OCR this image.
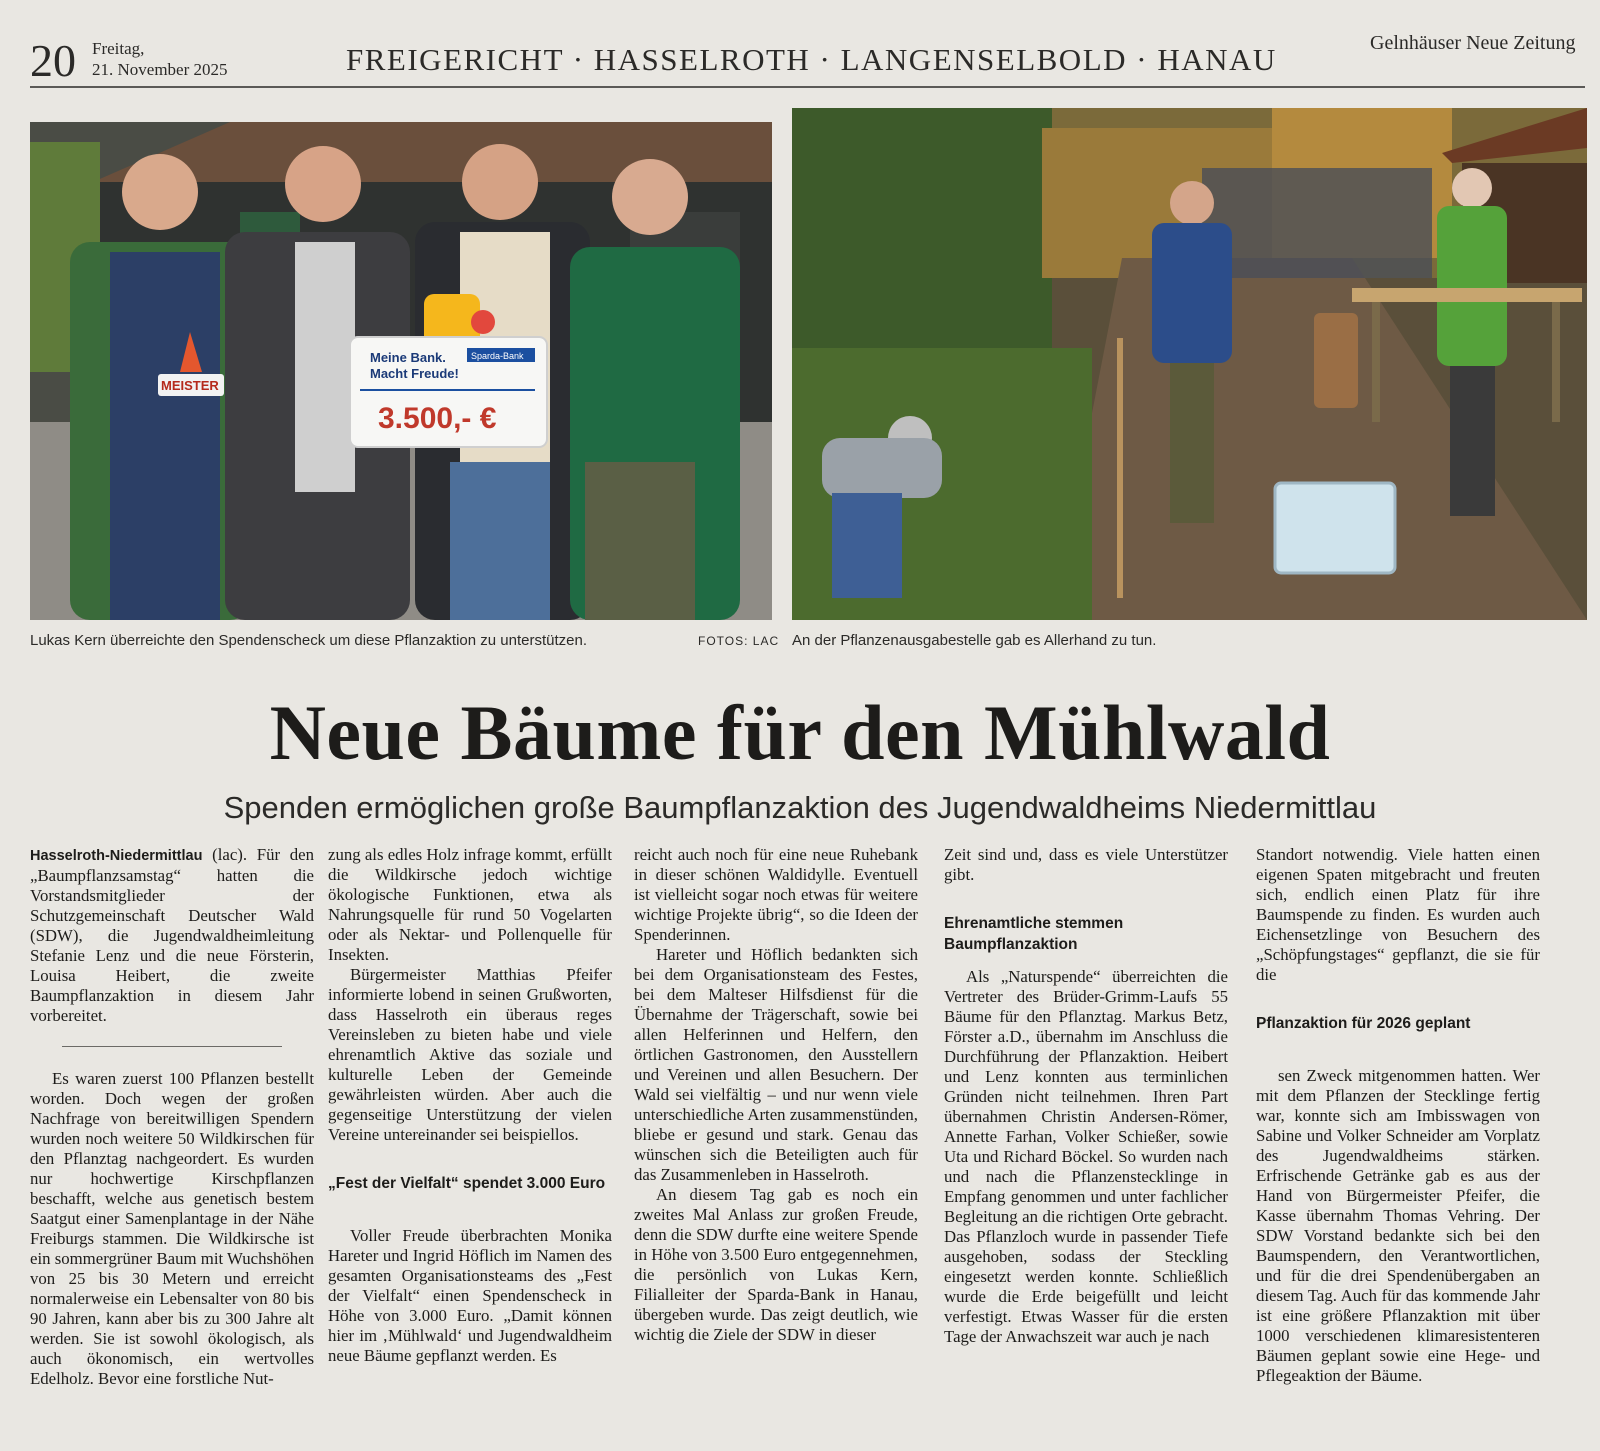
20 Freitag,
21. November 2025	FREIGERICHT · HASSELROTH · LANGENSELBOLD · HANAU	Gelnhäuser Neue Zeitung
Meine Bank.
Macht Freude!
Sparda-Bank
3.500,- €
MEISTER
Lukas Kern überreichte den Spendenscheck um diese Pflanzaktion zu unterstützen.	FOTOS: LAC An der Pflanzenausgabestelle gab es Allerhand zu tun.
Neue Bäume für den Mühlwald
Spenden ermöglichen große Baumpflanzaktion des Jugendwaldheims Niedermittlau

Hasselroth-Niedermittlau (lac). Für den „Baumpflanzsamstag“ hatten die Vorstandsmitglieder der Schutzgemeinschaft Deutscher Wald (SDW), die Jugendwaldheimleitung Stefanie Lenz und die neue Försterin, Louisa Heibert, die zweite Baumpflanzaktion in diesem Jahr vorbereitet.

Es waren zuerst 100 Pflanzen bestellt worden. Doch wegen der großen Nachfrage von bereitwilligen Spendern wurden noch weitere 50 Wildkirschen für den Pflanztag nachgeordert. Es wurden nur hochwertige Kirschpflanzen beschafft, welche aus genetisch bestem Saatgut einer Samenplantage in der Nähe Freiburgs stammen. Die Wildkirsche ist ein sommergrüner Baum mit Wuchshöhen von 25 bis 30 Metern und erreicht normalerweise ein Lebensalter von 80 bis 90 Jahren, kann aber bis zu 300 Jahre alt werden. Sie ist sowohl ökologisch, als auch ökonomisch, ein wertvolles Edelholz. Bevor eine forstliche Nut-

zung als edles Holz infrage kommt, erfüllt die Wildkirsche jedoch wichtige ökologische Funktionen, etwa als Nahrungsquelle für rund 50 Vogelarten oder als Nektar- und Pollenquelle für Insekten.

Bürgermeister Matthias Pfeifer informierte lobend in seinen Grußworten, dass Hasselroth ein überaus reges Vereinsleben zu bieten habe und viele ehrenamtlich Aktive das soziale und kulturelle Leben der Gemeinde gewährleisten würden. Aber auch die gegenseitige Unterstützung der vielen Vereine untereinander sei beispiellos.

„Fest der Vielfalt“ spendet 3.000 Euro

Voller Freude überbrachten Monika Hareter und Ingrid Höflich im Namen des gesamten Organisationsteams des „Fest der Vielfalt“ einen Spendenscheck in Höhe von 3.000 Euro. „Damit können hier im ‚Mühlwald‘ und Jugendwaldheim neue Bäume gepflanzt werden. Es

reicht auch noch für eine neue Ruhebank in dieser schönen Waldidylle. Eventuell ist vielleicht sogar noch etwas für weitere wichtige Projekte übrig“, so die Ideen der Spenderinnen.

Hareter und Höflich bedankten sich bei dem Organisationsteam des Festes, bei dem Malteser Hilfsdienst für die Übernahme der Trägerschaft, sowie bei allen Helferinnen und Helfern, den örtlichen Gastronomen, den Ausstellern und Vereinen und allen Besuchern. Der Wald sei vielfältig – und nur wenn viele unterschiedliche Arten zusammenstünden, bliebe er gesund und stark. Genau das wünschen sich die Beteiligten auch für das Zusammenleben in Hasselroth.

An diesem Tag gab es noch ein zweites Mal Anlass zur großen Freude, denn die SDW durfte eine weitere Spende in Höhe von 3.500 Euro entgegennehmen, die persönlich von Lukas Kern, Filialleiter der Sparda-Bank in Hanau, übergeben wurde. Das zeigt deutlich, wie wichtig die Ziele der SDW in dieser

Zeit sind und, dass es viele Unterstützer gibt.

Ehrenamtliche stemmen Baumpflanzaktion

Als „Naturspende“ überreichten die Vertreter des Brüder-Grimm-Laufs 55 Bäume für den Pflanztag. Markus Betz, Förster a.D., übernahm im Anschluss die Durchführung der Pflanzaktion. Heibert und Lenz konnten aus terminlichen Gründen nicht teilnehmen. Ihren Part übernahmen Christin Andersen-Römer, Annette Farhan, Volker Schießer, sowie Uta und Richard Böckel. So wurden nach und nach die Pflanzenstecklinge in Empfang genommen und unter fachlicher Begleitung an die richtigen Orte gebracht. Das Pflanzloch wurde in passender Tiefe ausgehoben, sodass der Steckling eingesetzt werden konnte. Schließlich wurde die Erde beigefüllt und leicht verfestigt. Etwas Wasser für die ersten Tage der Anwachszeit war auch je nach

Standort notwendig. Viele hatten einen eigenen Spaten mitgebracht und freuten sich, endlich einen Platz für ihre Baumspende zu finden. Es wurden auch Eichensetzlinge von Besuchern des „Schöpfungstages“ gepflanzt, die sie für die

Pflanzaktion für 2026 geplant

sen Zweck mitgenommen hatten. Wer mit dem Pflanzen der Stecklinge fertig war, konnte sich am Imbisswagen von Sabine und Volker Schneider am Vorplatz des Jugendwaldheims stärken. Erfrischende Getränke gab es aus der Hand von Bürgermeister Pfeifer, die Kasse übernahm Thomas Vehring. Der SDW Vorstand bedankte sich bei den Baumspendern, den Verantwortlichen, und für die drei Spendenübergaben an diesem Tag. Auch für das kommende Jahr ist eine größere Pflanzaktion mit über 1000 verschiedenen klimaresistenteren Bäumen geplant sowie eine Hege- und Pflegeaktion der Bäume.
